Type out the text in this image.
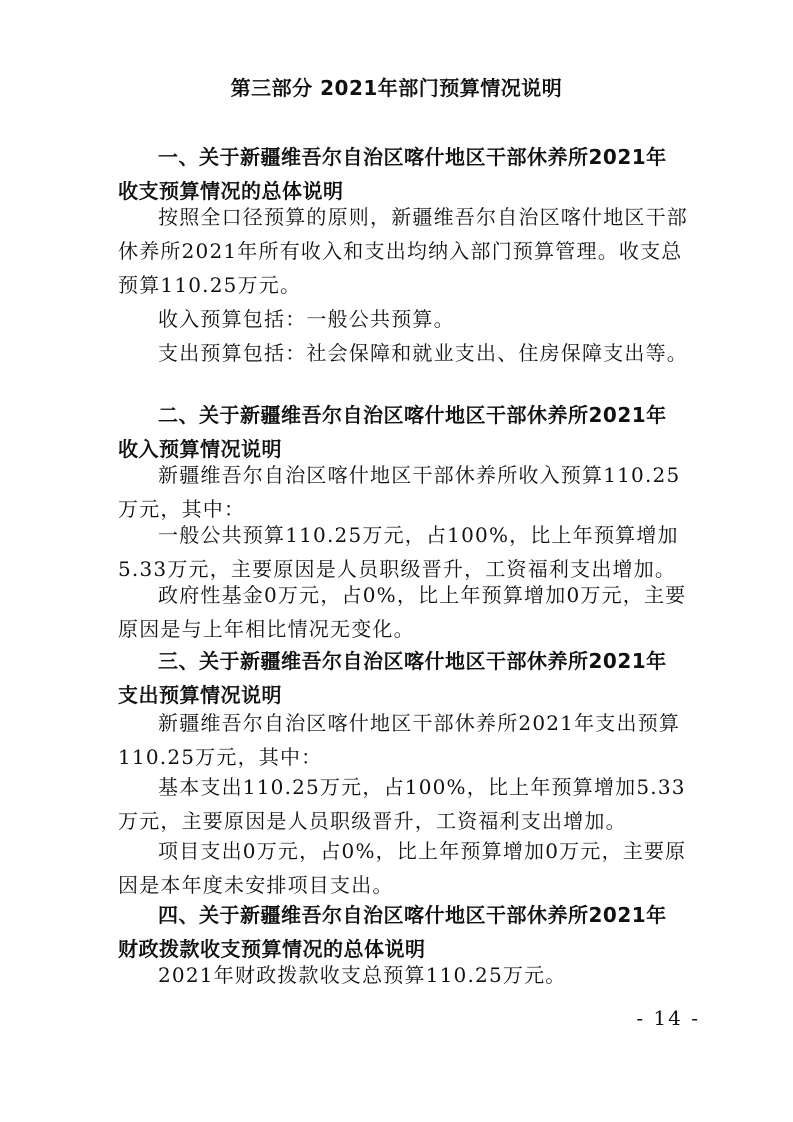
第三部分 2021年部门预算情况说明
一、关于新疆维吾尔自治区喀什地区干部休养所2021年收支预算情况的总体说明
按照全口径预算的原则，新疆维吾尔自治区喀什地区干部休养所2021年所有收入和支出均纳入部门预算管理。收支总预算110.25万元。
收入预算包括：一般公共预算。
支出预算包括：社会保障和就业支出、住房保障支出等。
二、关于新疆维吾尔自治区喀什地区干部休养所2021年收入预算情况说明
新疆维吾尔自治区喀什地区干部休养所收入预算110.25万元，其中：
一般公共预算110.25万元，占100%，比上年预算增加5.33万元，主要原因是人员职级晋升，工资福利支出增加。
政府性基金0万元，占0%，比上年预算增加0万元，主要原因是与上年相比情况无变化。
三、关于新疆维吾尔自治区喀什地区干部休养所2021年支出预算情况说明
新疆维吾尔自治区喀什地区干部休养所2021年支出预算110.25万元，其中：
基本支出110.25万元，占100%，比上年预算增加5.33万元，主要原因是人员职级晋升，工资福利支出增加。
项目支出0万元，占0%，比上年预算增加0万元，主要原因是本年度未安排项目支出。
四、关于新疆维吾尔自治区喀什地区干部休养所2021年财政拨款收支预算情况的总体说明
2021年财政拨款收支总预算110.25万元。
- 14 -
